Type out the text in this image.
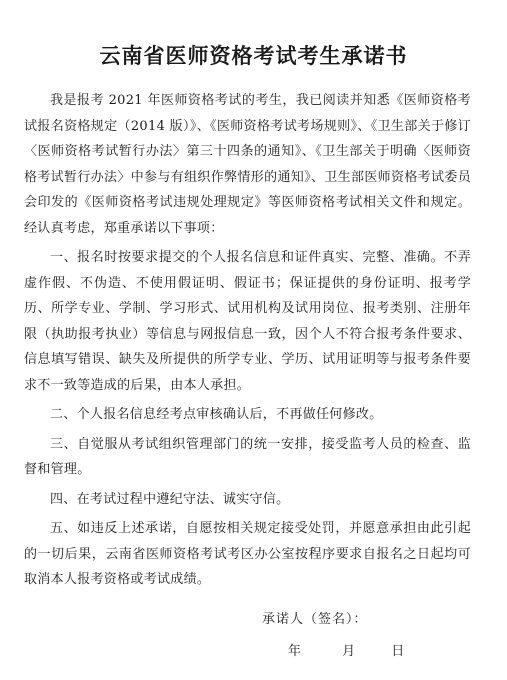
云南省医师资格考试考生承诺书

我是报考 2021 年医师资格考试的考生，我已阅读并知悉《医师资格考试报名资格规定（2014 版）》、《医师资格考试考场规则》、《卫生部关于修订〈医师资格考试暂行办法〉第三十四条的通知》、《卫生部关于明确〈医师资格考试暂行办法〉中参与有组织作弊情形的通知》、卫生部医师资格考试委员会印发的《医师资格考试违规处理规定》等医师资格考试相关文件和规定。经认真考虑，郑重承诺以下事项：

一、报名时按要求提交的个人报名信息和证件真实、完整、准确。不弄虚作假、不伪造、不使用假证明、假证书；保证提供的身份证明、报考学历、所学专业、学制、学习形式、试用机构及试用岗位、报考类别、注册年限（执助报考执业）等信息与网报信息一致，因个人不符合报考条件要求、信息填写错误、缺失及所提供的所学专业、学历、试用证明等与报考条件要求不一致等造成的后果，由本人承担。

二、个人报名信息经考点审核确认后，不再做任何修改。

三、自觉服从考试组织管理部门的统一安排，接受监考人员的检查、监督和管理。

四、在考试过程中遵纪守法、诚实守信。

五、如违反上述承诺，自愿按相关规定接受处罚，并愿意承担由此引起的一切后果，云南省医师资格考试考区办公室按程序要求自报名之日起均可取消本人报考资格或考试成绩。

承诺人（签名）：
年	月	日
